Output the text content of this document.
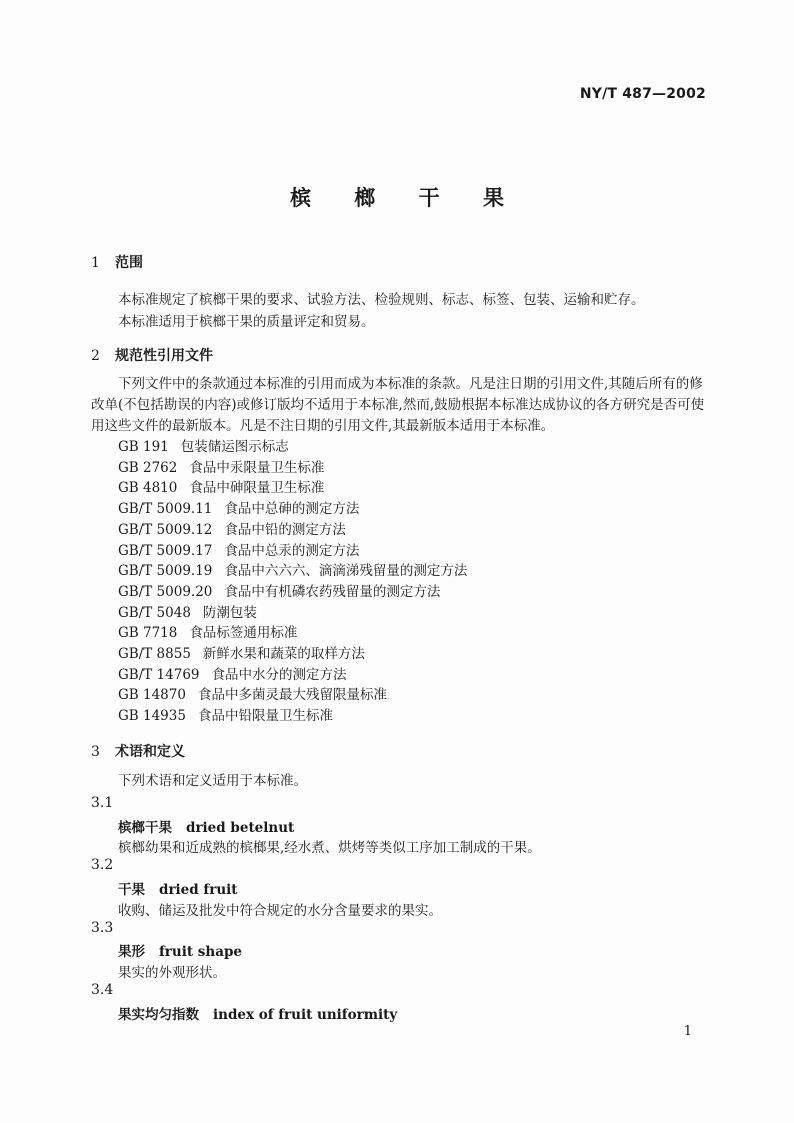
NY/T 487—2002
槟 榔 干 果
1 范围

本标准规定了槟榔干果的要求、试验方法、检验规则、标志、标签、包装、运输和贮存。

本标准适用于槟榔干果的质量评定和贸易。

2 规范性引用文件

下列文件中的条款通过本标准的引用而成为本标准的条款。凡是注日期的引用文件,其随后所有的修改单(不包括勘误的内容)或修订版均不适用于本标准,然而,鼓励根据本标准达成协议的各方研究是否可使用这些文件的最新版本。凡是不注日期的引用文件,其最新版本适用于本标准。

GB 191 包装储运图示标志
GB 2762 食品中汞限量卫生标准
GB 4810 食品中砷限量卫生标准
GB/T 5009.11 食品中总砷的测定方法
GB/T 5009.12 食品中铅的测定方法
GB/T 5009.17 食品中总汞的测定方法
GB/T 5009.19 食品中六六六、滴滴涕残留量的测定方法
GB/T 5009.20 食品中有机磷农药残留量的测定方法
GB/T 5048 防潮包装
GB 7718 食品标签通用标准
GB/T 8855 新鲜水果和蔬菜的取样方法
GB/T 14769 食品中水分的测定方法
GB 14870 食品中多菌灵最大残留限量标准
GB 14935 食品中铅限量卫生标准
3 术语和定义

下列术语和定义适用于本标准。

3.1
槟榔干果 dried betelnut
槟榔幼果和近成熟的槟榔果,经水煮、烘烤等类似工序加工制成的干果。
3.2
干果 dried fruit
收购、储运及批发中符合规定的水分含量要求的果实。
3.3
果形 fruit shape
果实的外观形状。
3.4
果实均匀指数 index of fruit uniformity
1
